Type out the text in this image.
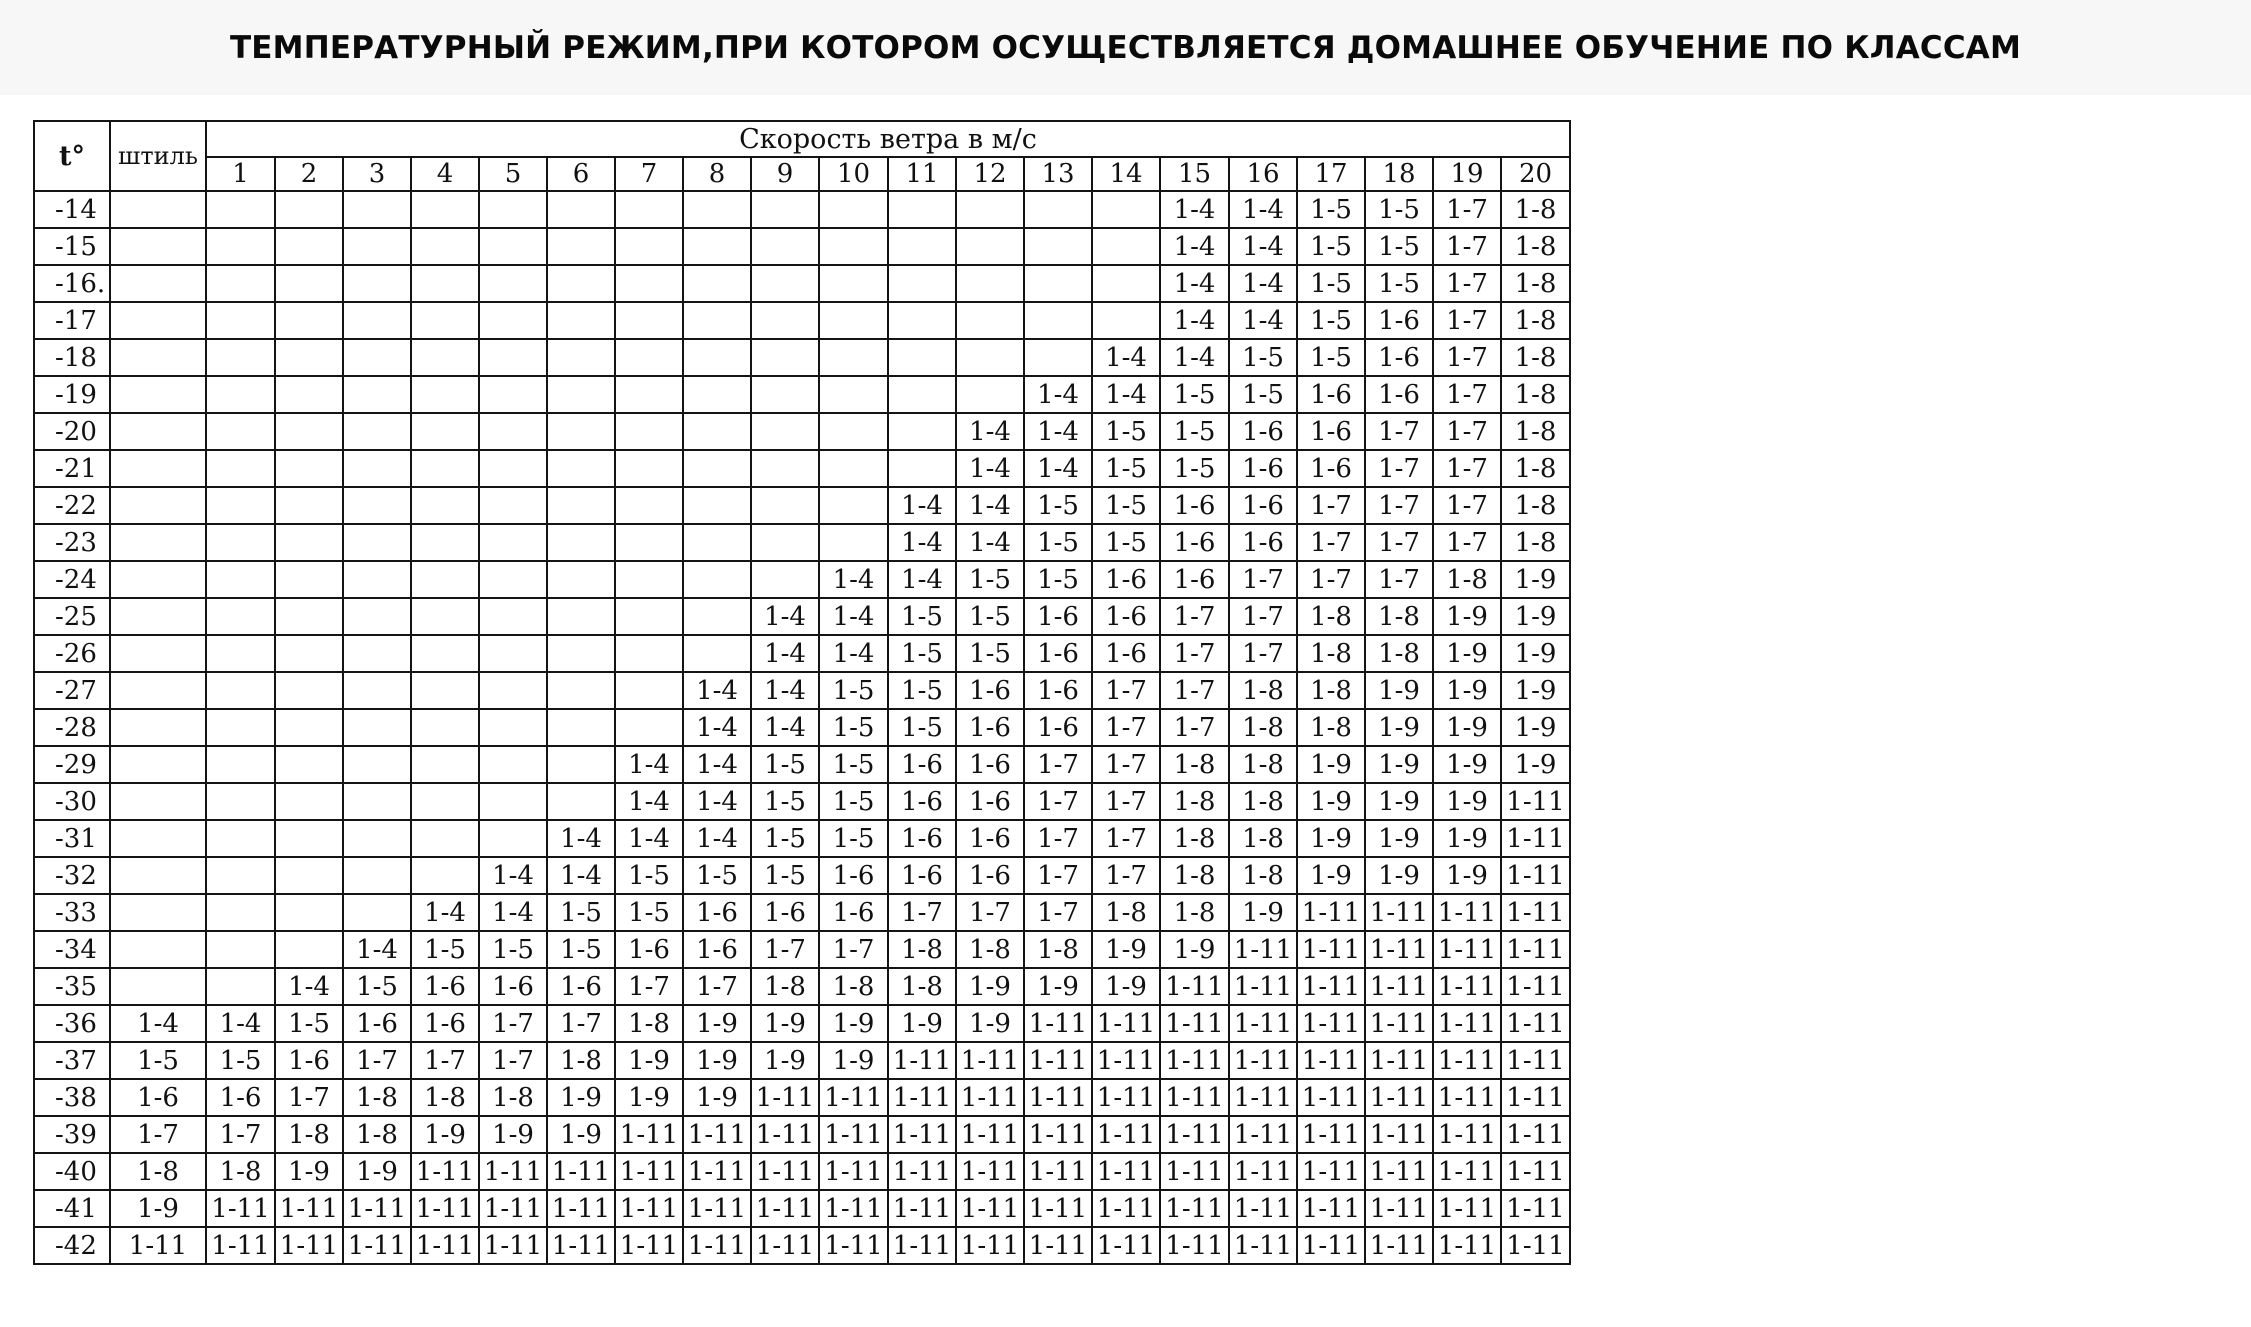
ТЕМПЕРАТУРНЫЙ РЕЖИМ,ПРИ КОТОРОМ ОСУЩЕСТВЛЯЕТСЯ ДОМАШНЕЕ ОБУЧЕНИЕ ПО КЛАССАМ
t°	штиль	Скорость ветра в м/с																			
		1	2	3	4	5	6	7	8	9	10	11	12	13	14	15	16	17	18	19	20
-14																1-4	1-4	1-5	1-5	1-7	1-8
-15																1-4	1-4	1-5	1-5	1-7	1-8
-16.																1-4	1-4	1-5	1-5	1-7	1-8
-17																1-4	1-4	1-5	1-6	1-7	1-8
-18															1-4	1-4	1-5	1-5	1-6	1-7	1-8
-19														1-4	1-4	1-5	1-5	1-6	1-6	1-7	1-8
-20													1-4	1-4	1-5	1-5	1-6	1-6	1-7	1-7	1-8
-21													1-4	1-4	1-5	1-5	1-6	1-6	1-7	1-7	1-8
-22												1-4	1-4	1-5	1-5	1-6	1-6	1-7	1-7	1-7	1-8
-23												1-4	1-4	1-5	1-5	1-6	1-6	1-7	1-7	1-7	1-8
-24											1-4	1-4	1-5	1-5	1-6	1-6	1-7	1-7	1-7	1-8	1-9
-25										1-4	1-4	1-5	1-5	1-6	1-6	1-7	1-7	1-8	1-8	1-9	1-9
-26										1-4	1-4	1-5	1-5	1-6	1-6	1-7	1-7	1-8	1-8	1-9	1-9
-27									1-4	1-4	1-5	1-5	1-6	1-6	1-7	1-7	1-8	1-8	1-9	1-9	1-9
-28									1-4	1-4	1-5	1-5	1-6	1-6	1-7	1-7	1-8	1-8	1-9	1-9	1-9
-29								1-4	1-4	1-5	1-5	1-6	1-6	1-7	1-7	1-8	1-8	1-9	1-9	1-9	1-9
-30								1-4	1-4	1-5	1-5	1-6	1-6	1-7	1-7	1-8	1-8	1-9	1-9	1-9	1-11
-31							1-4	1-4	1-4	1-5	1-5	1-6	1-6	1-7	1-7	1-8	1-8	1-9	1-9	1-9	1-11
-32						1-4	1-4	1-5	1-5	1-5	1-6	1-6	1-6	1-7	1-7	1-8	1-8	1-9	1-9	1-9	1-11
-33					1-4	1-4	1-5	1-5	1-6	1-6	1-6	1-7	1-7	1-7	1-8	1-8	1-9	1-11	1-11	1-11	1-11
-34				1-4	1-5	1-5	1-5	1-6	1-6	1-7	1-7	1-8	1-8	1-8	1-9	1-9	1-11	1-11	1-11	1-11	1-11
-35			1-4	1-5	1-6	1-6	1-6	1-7	1-7	1-8	1-8	1-8	1-9	1-9	1-9	1-11	1-11	1-11	1-11	1-11	1-11
-36	1-4	1-4	1-5	1-6	1-6	1-7	1-7	1-8	1-9	1-9	1-9	1-9	1-9	1-11	1-11	1-11	1-11	1-11	1-11	1-11	1-11
-37	1-5	1-5	1-6	1-7	1-7	1-7	1-8	1-9	1-9	1-9	1-9	1-11	1-11	1-11	1-11	1-11	1-11	1-11	1-11	1-11	1-11
-38	1-6	1-6	1-7	1-8	1-8	1-8	1-9	1-9	1-9	1-11	1-11	1-11	1-11	1-11	1-11	1-11	1-11	1-11	1-11	1-11	1-11
-39	1-7	1-7	1-8	1-8	1-9	1-9	1-9	1-11	1-11	1-11	1-11	1-11	1-11	1-11	1-11	1-11	1-11	1-11	1-11	1-11	1-11
-40	1-8	1-8	1-9	1-9	1-11	1-11	1-11	1-11	1-11	1-11	1-11	1-11	1-11	1-11	1-11	1-11	1-11	1-11	1-11	1-11	1-11
-41	1-9	1-11	1-11	1-11	1-11	1-11	1-11	1-11	1-11	1-11	1-11	1-11	1-11	1-11	1-11	1-11	1-11	1-11	1-11	1-11	1-11
-42	1-11	1-11	1-11	1-11	1-11	1-11	1-11	1-11	1-11	1-11	1-11	1-11	1-11	1-11	1-11	1-11	1-11	1-11	1-11	1-11	1-11
